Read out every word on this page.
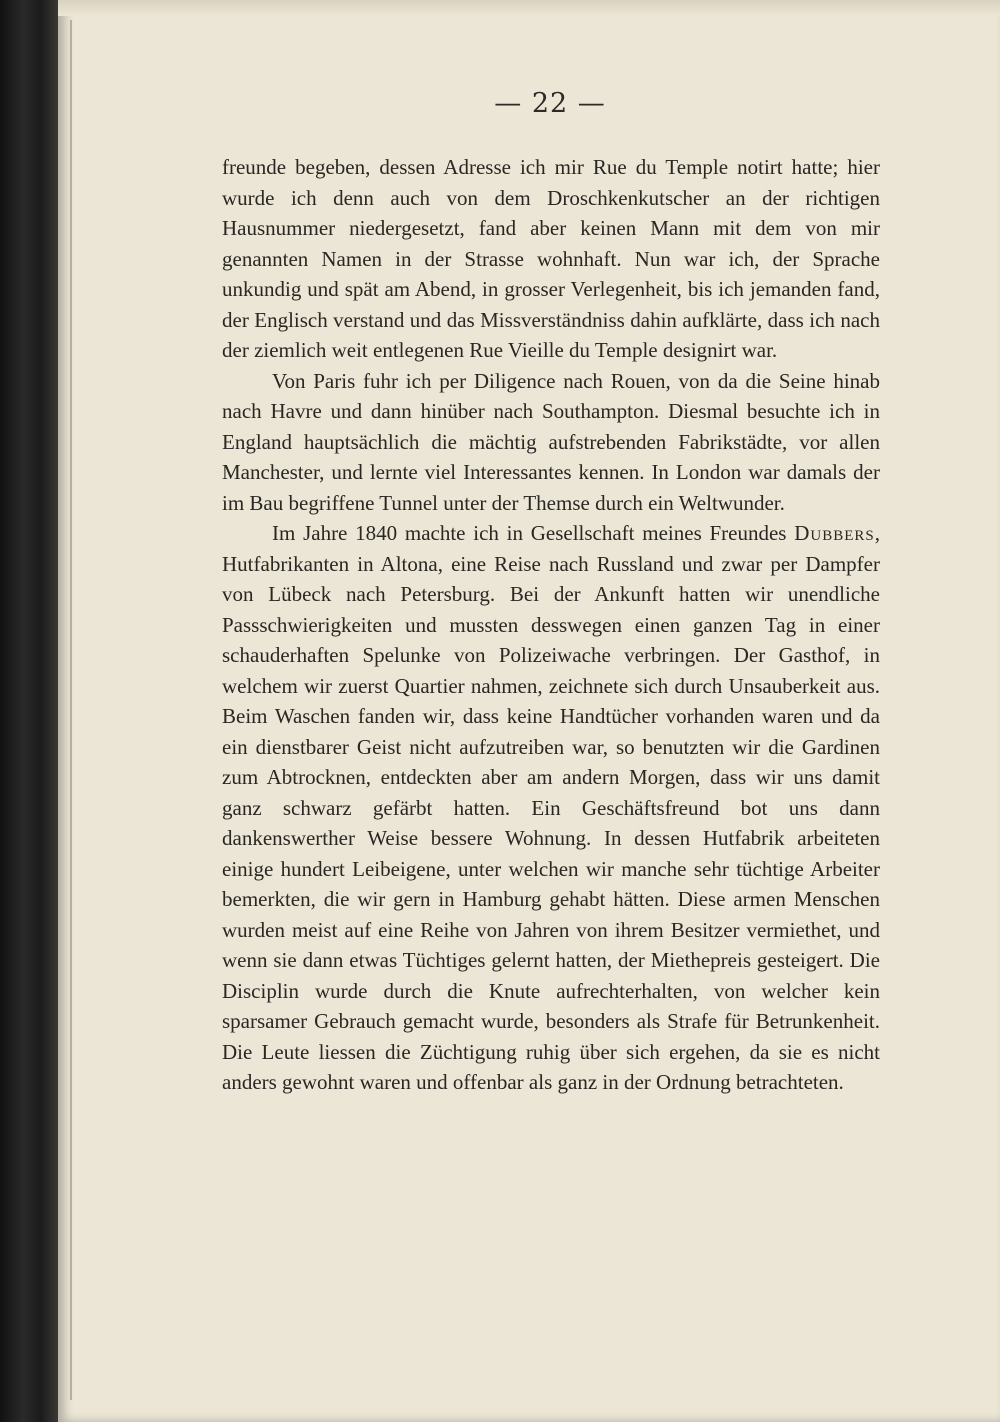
— 22 —

freunde begeben, dessen Adresse ich mir Rue du Temple notirt hatte; hier wurde ich denn auch von dem Droschkenkutscher an der richtigen Hausnummer niedergesetzt, fand aber keinen Mann mit dem von mir genannten Namen in der Strasse wohnhaft. Nun war ich, der Sprache unkundig und spät am Abend, in grosser Verlegenheit, bis ich jemanden fand, der Englisch verstand und das Missverständniss dahin aufklärte, dass ich nach der ziemlich weit entlegenen Rue Vieille du Temple designirt war.

Von Paris fuhr ich per Diligence nach Rouen, von da die Seine hinab nach Havre und dann hinüber nach Southampton. Diesmal besuchte ich in England hauptsächlich die mächtig aufstrebenden Fabrikstädte, vor allen Manchester, und lernte viel Interessantes kennen. In London war damals der im Bau begriffene Tunnel unter der Themse durch ein Weltwunder.

Im Jahre 1840 machte ich in Gesellschaft meines Freundes Dubbers, Hutfabrikanten in Altona, eine Reise nach Russland und zwar per Dampfer von Lübeck nach Petersburg. Bei der Ankunft hatten wir unendliche Passschwierigkeiten und mussten desswegen einen ganzen Tag in einer schauderhaften Spelunke von Polizeiwache verbringen. Der Gasthof, in welchem wir zuerst Quartier nahmen, zeichnete sich durch Unsauberkeit aus. Beim Waschen fanden wir, dass keine Handtücher vorhanden waren und da ein dienstbarer Geist nicht aufzutreiben war, so benutzten wir die Gardinen zum Abtrocknen, entdeckten aber am andern Morgen, dass wir uns damit ganz schwarz gefärbt hatten. Ein Geschäftsfreund bot uns dann dankenswerther Weise bessere Wohnung. In dessen Hutfabrik arbeiteten einige hundert Leibeigene, unter welchen wir manche sehr tüchtige Arbeiter bemerkten, die wir gern in Hamburg gehabt hätten. Diese armen Menschen wurden meist auf eine Reihe von Jahren von ihrem Besitzer vermiethet, und wenn sie dann etwas Tüchtiges gelernt hatten, der Miethepreis gesteigert. Die Disciplin wurde durch die Knute aufrechterhalten, von welcher kein sparsamer Gebrauch gemacht wurde, besonders als Strafe für Betrunkenheit. Die Leute liessen die Züchtigung ruhig über sich ergehen, da sie es nicht anders gewohnt waren und offenbar als ganz in der Ordnung betrachteten.
